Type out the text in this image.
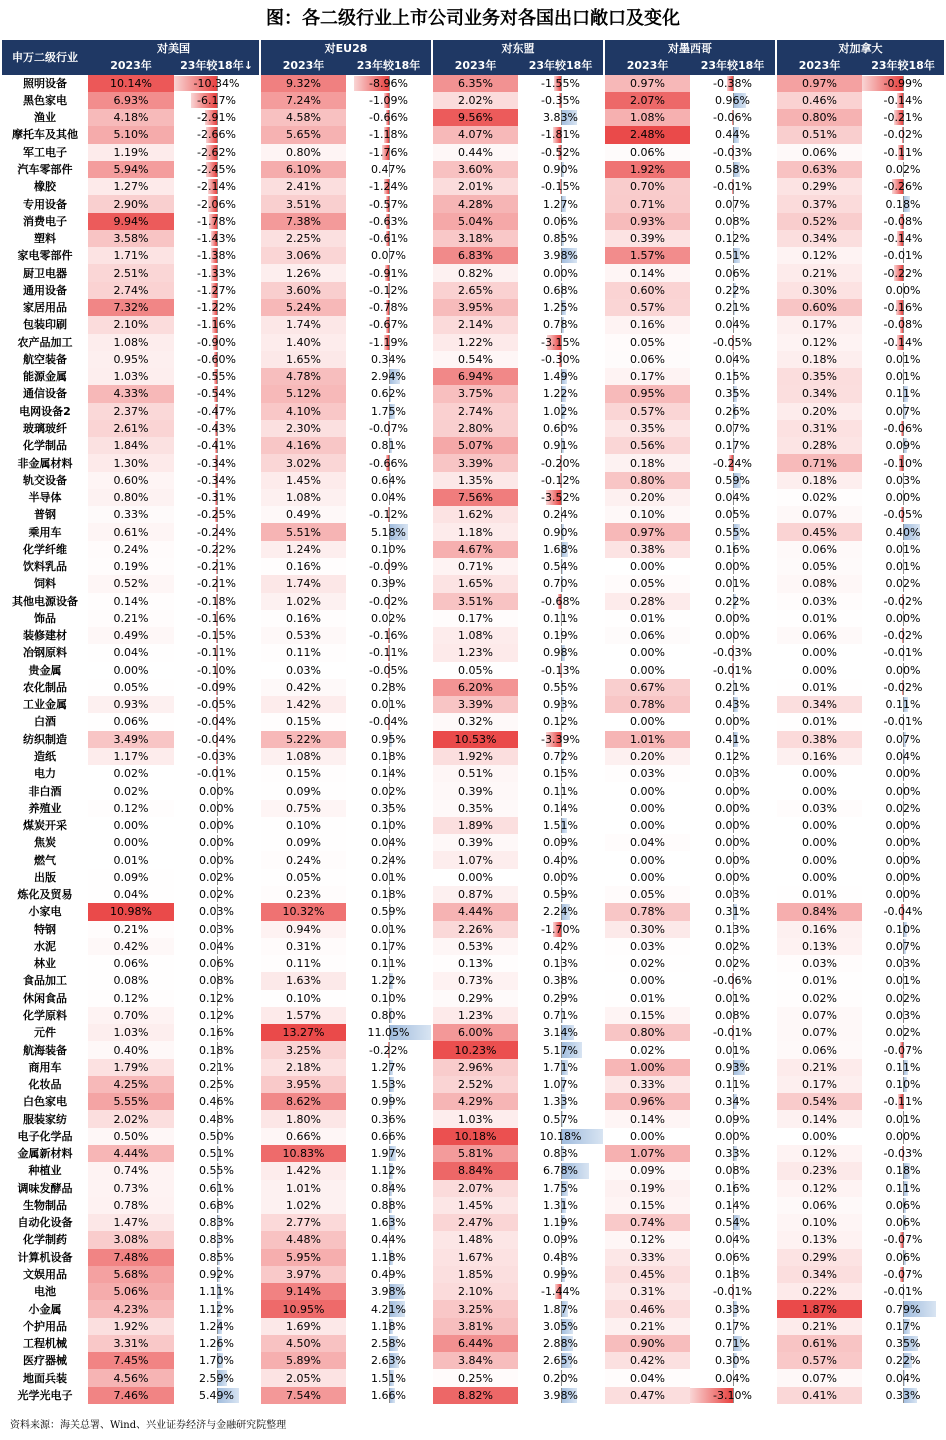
图：各二级行业上市公司业务对各国出口敞口及变化
申万二级行业	对美国		对EU28		对东盟		对墨西哥		对加拿大	
	2023年	23年较18年↓	2023年	23年较18年	2023年	23年较18年	2023年	23年较18年	2023年	23年较18年
照明设备	10.14%	-10.34%	9.32%	-8.96%	6.35%	-1.55%	0.97%	-0.38%	0.97%	-0.99%
黑色家电	6.93%	-6.17%	7.24%	-1.09%	2.02%	-0.35%	2.07%	0.96%	0.46%	-0.14%
渔业	4.18%	-2.91%	4.58%	-0.66%	9.56%	3.83%	1.08%	-0.06%	0.80%	-0.21%
摩托车及其他	5.10%	-2.66%	5.65%	-1.18%	4.07%	-1.81%	2.48%	0.44%	0.51%	-0.02%
军工电子	1.19%	-2.62%	0.80%	-1.76%	0.44%	-0.52%	0.06%	-0.03%	0.06%	-0.11%
汽车零部件	5.94%	-2.45%	6.10%	0.47%	3.60%	0.90%	1.92%	0.58%	0.63%	0.02%
橡胶	1.27%	-2.14%	2.41%	-1.24%	2.01%	-0.15%	0.70%	-0.01%	0.29%	-0.26%
专用设备	2.90%	-2.06%	3.51%	-0.57%	4.28%	1.27%	0.71%	0.07%	0.37%	0.18%
消费电子	9.94%	-1.78%	7.38%	-0.63%	5.04%	0.06%	0.93%	0.08%	0.52%	-0.08%
塑料	3.58%	-1.43%	2.25%	-0.61%	3.18%	0.85%	0.39%	0.12%	0.34%	-0.14%
家电零部件	1.71%	-1.38%	3.06%	0.07%	6.83%	3.98%	1.57%	0.51%	0.12%	-0.01%
厨卫电器	2.51%	-1.33%	1.26%	-0.91%	0.82%	0.00%	0.14%	0.06%	0.21%	-0.22%
通用设备	2.74%	-1.27%	3.60%	-0.12%	2.65%	0.68%	0.60%	0.22%	0.30%	0.00%
家居用品	7.32%	-1.22%	5.24%	-0.78%	3.95%	1.25%	0.57%	0.21%	0.60%	-0.16%
包装印刷	2.10%	-1.16%	1.74%	-0.67%	2.14%	0.78%	0.16%	0.04%	0.17%	-0.08%
农产品加工	1.08%	-0.90%	1.40%	-1.19%	1.22%	-3.15%	0.05%	-0.05%	0.12%	-0.14%
航空装备	0.95%	-0.60%	1.65%	0.34%	0.54%	-0.30%	0.06%	0.04%	0.18%	0.01%
能源金属	1.03%	-0.55%	4.78%	2.94%	6.94%	1.49%	0.17%	0.15%	0.35%	0.01%
通信设备	4.33%	-0.54%	5.12%	0.62%	3.75%	1.22%	0.95%	0.35%	0.34%	0.11%
电网设备2	2.37%	-0.47%	4.10%	1.75%	2.74%	1.02%	0.57%	0.26%	0.20%	0.07%
玻璃玻纤	2.61%	-0.43%	2.30%	-0.07%	2.80%	0.60%	0.35%	0.07%	0.31%	-0.06%
化学制品	1.84%	-0.41%	4.16%	0.81%	5.07%	0.91%	0.56%	0.17%	0.28%	0.09%
非金属材料	1.30%	-0.34%	3.02%	-0.66%	3.39%	-0.20%	0.18%	-0.24%	0.71%	-0.10%
轨交设备	0.60%	-0.34%	1.45%	0.64%	1.35%	-0.12%	0.80%	0.59%	0.18%	0.03%
半导体	0.80%	-0.31%	1.08%	0.04%	7.56%	-3.52%	0.20%	0.04%	0.02%	0.00%
普钢	0.33%	-0.25%	0.49%	-0.12%	1.62%	0.24%	0.10%	0.05%	0.07%	-0.05%
乘用车	0.61%	-0.24%	5.51%	5.18%	1.18%	0.90%	0.97%	0.55%	0.45%	0.40%
化学纤维	0.24%	-0.22%	1.24%	0.10%	4.67%	1.68%	0.38%	0.16%	0.06%	0.01%
饮料乳品	0.19%	-0.21%	0.16%	-0.09%	0.71%	0.54%	0.00%	0.00%	0.05%	0.01%
饲料	0.52%	-0.21%	1.74%	0.39%	1.65%	0.70%	0.05%	0.01%	0.08%	0.02%
其他电源设备	0.14%	-0.18%	1.02%	-0.02%	3.51%	-0.68%	0.28%	0.22%	0.03%	-0.02%
饰品	0.21%	-0.16%	0.16%	0.02%	0.17%	0.11%	0.01%	0.00%	0.01%	0.00%
装修建材	0.49%	-0.15%	0.53%	-0.16%	1.08%	0.19%	0.06%	0.00%	0.06%	-0.02%
冶钢原料	0.04%	-0.11%	0.11%	-0.11%	1.23%	0.98%	0.00%	-0.03%	0.00%	-0.01%
贵金属	0.00%	-0.10%	0.03%	-0.05%	0.05%	-0.13%	0.00%	-0.01%	0.00%	0.00%
农化制品	0.05%	-0.09%	0.42%	0.28%	6.20%	0.55%	0.67%	0.21%	0.01%	-0.02%
工业金属	0.93%	-0.05%	1.42%	0.01%	3.39%	0.93%	0.78%	0.43%	0.34%	0.11%
白酒	0.06%	-0.04%	0.15%	-0.04%	0.32%	0.12%	0.00%	0.00%	0.01%	-0.01%
纺织制造	3.49%	-0.04%	5.22%	0.95%	10.53%	-3.39%	1.01%	0.41%	0.38%	0.07%
造纸	1.17%	-0.03%	1.08%	0.18%	1.92%	0.72%	0.20%	0.12%	0.16%	0.04%
电力	0.02%	-0.01%	0.15%	0.14%	0.51%	0.15%	0.03%	0.03%	0.00%	0.00%
非白酒	0.02%	0.00%	0.09%	0.02%	0.39%	0.11%	0.00%	0.00%	0.00%	0.00%
养殖业	0.12%	0.00%	0.75%	0.35%	0.35%	0.14%	0.00%	0.00%	0.03%	0.02%
煤炭开采	0.00%	0.00%	0.10%	0.10%	1.89%	1.51%	0.00%	0.00%	0.00%	0.00%
焦炭	0.00%	0.00%	0.09%	0.04%	0.39%	0.09%	0.04%	0.00%	0.00%	0.00%
燃气	0.01%	0.00%	0.24%	0.24%	1.07%	0.40%	0.00%	0.00%	0.00%	0.00%
出版	0.09%	0.02%	0.05%	0.01%	0.00%	0.00%	0.00%	0.00%	0.00%	0.00%
炼化及贸易	0.04%	0.02%	0.23%	0.18%	0.87%	0.59%	0.05%	0.03%	0.01%	0.00%
小家电	10.98%	0.03%	10.32%	0.59%	4.44%	2.24%	0.78%	0.31%	0.84%	-0.04%
特钢	0.21%	0.03%	0.94%	0.01%	2.26%	-1.70%	0.30%	0.13%	0.16%	0.10%
水泥	0.42%	0.04%	0.31%	0.17%	0.53%	0.42%	0.03%	0.02%	0.13%	0.07%
林业	0.06%	0.06%	0.11%	0.11%	0.13%	0.13%	0.02%	0.02%	0.03%	0.03%
食品加工	0.08%	0.08%	1.63%	1.22%	0.73%	0.38%	0.00%	-0.06%	0.01%	0.01%
休闲食品	0.12%	0.12%	0.10%	0.10%	0.29%	0.29%	0.01%	0.01%	0.02%	0.02%
化学原料	0.70%	0.12%	1.57%	0.80%	1.23%	0.71%	0.15%	0.08%	0.07%	0.03%
元件	1.03%	0.16%	13.27%	11.05%	6.00%	3.14%	0.80%	-0.01%	0.07%	0.02%
航海装备	0.40%	0.18%	3.25%	-0.22%	10.23%	5.17%	0.02%	0.01%	0.06%	-0.07%
商用车	1.79%	0.21%	2.18%	1.27%	2.96%	1.71%	1.00%	0.93%	0.21%	0.11%
化妆品	4.25%	0.25%	3.95%	1.53%	2.52%	1.07%	0.33%	0.11%	0.17%	0.10%
白色家电	5.55%	0.46%	8.62%	0.99%	4.29%	1.33%	0.96%	0.34%	0.54%	-0.11%
服装家纺	2.02%	0.48%	1.80%	0.36%	1.03%	0.57%	0.14%	0.09%	0.14%	0.01%
电子化学品	0.50%	0.50%	0.66%	0.66%	10.18%	10.18%	0.00%	0.00%	0.00%	0.00%
金属新材料	4.44%	0.51%	10.83%	1.97%	5.81%	0.83%	1.07%	0.33%	0.12%	-0.03%
种植业	0.74%	0.55%	1.42%	1.12%	8.84%	6.78%	0.09%	0.08%	0.23%	0.18%
调味发酵品	0.73%	0.61%	1.01%	0.84%	2.07%	1.75%	0.19%	0.16%	0.12%	0.11%
生物制品	0.78%	0.68%	1.02%	0.88%	1.45%	1.31%	0.15%	0.14%	0.06%	0.06%
自动化设备	1.47%	0.83%	2.77%	1.63%	2.47%	1.19%	0.74%	0.54%	0.10%	0.06%
化学制药	3.08%	0.83%	4.48%	0.44%	1.48%	0.09%	0.12%	0.04%	0.13%	-0.07%
计算机设备	7.48%	0.85%	5.95%	1.18%	1.67%	0.48%	0.33%	0.06%	0.29%	0.06%
文娱用品	5.68%	0.92%	3.97%	0.49%	1.85%	0.99%	0.45%	0.18%	0.34%	-0.07%
电池	5.06%	1.11%	9.14%	3.98%	2.10%	-1.44%	0.31%	-0.01%	0.22%	-0.01%
小金属	4.23%	1.12%	10.95%	4.21%	3.25%	1.87%	0.46%	0.33%	1.87%	0.79%
个护用品	1.92%	1.24%	1.69%	1.18%	3.81%	3.05%	0.21%	0.17%	0.21%	0.17%
工程机械	3.31%	1.26%	4.50%	2.58%	6.44%	2.88%	0.90%	0.71%	0.61%	0.35%
医疗器械	7.45%	1.70%	5.89%	2.63%	3.84%	2.65%	0.42%	0.30%	0.57%	0.22%
地面兵装	4.56%	2.59%	2.05%	1.51%	0.25%	0.20%	0.04%	0.04%	0.07%	0.04%
光学光电子	7.46%	5.49%	7.54%	1.66%	8.82%	3.98%	0.47%	-3.10%	0.41%	0.33%
资料来源：海关总署、Wind、兴业证券经济与金融研究院整理
